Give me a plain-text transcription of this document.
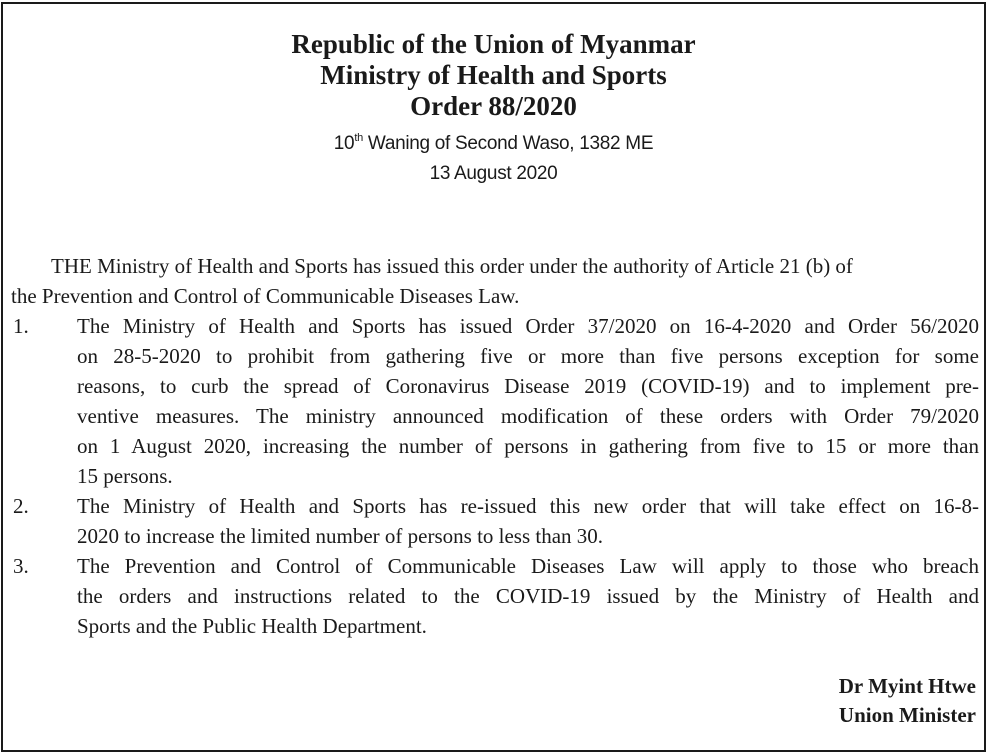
Republic of the Union of Myanmar
Ministry of Health and Sports
Order 88/2020
10th Waning of Second Waso, 1382 ME
13 August 2020
THE Ministry of Health and Sports has issued this order under the authority of Article 21 (b) of
the Prevention and Control of Communicable Diseases Law.
1. The Ministry of Health and Sports has issued Order 37/2020 on 16-4-2020 and Order 56/2020
on 28-5-2020 to prohibit from gathering five or more than five persons exception for some
reasons, to curb the spread of Coronavirus Disease 2019 (COVID-19) and to implement pre-
ventive measures. The ministry announced modification of these orders with Order 79/2020
on 1 August 2020, increasing the number of persons in gathering from five to 15 or more than
15 persons.
2. The Ministry of Health and Sports has re-issued this new order that will take effect on 16-8-
2020 to increase the limited number of persons to less than 30.
3. The Prevention and Control of Communicable Diseases Law will apply to those who breach
the orders and instructions related to the COVID-19 issued by the Ministry of Health and
Sports and the Public Health Department.
Dr Myint Htwe
Union Minister
